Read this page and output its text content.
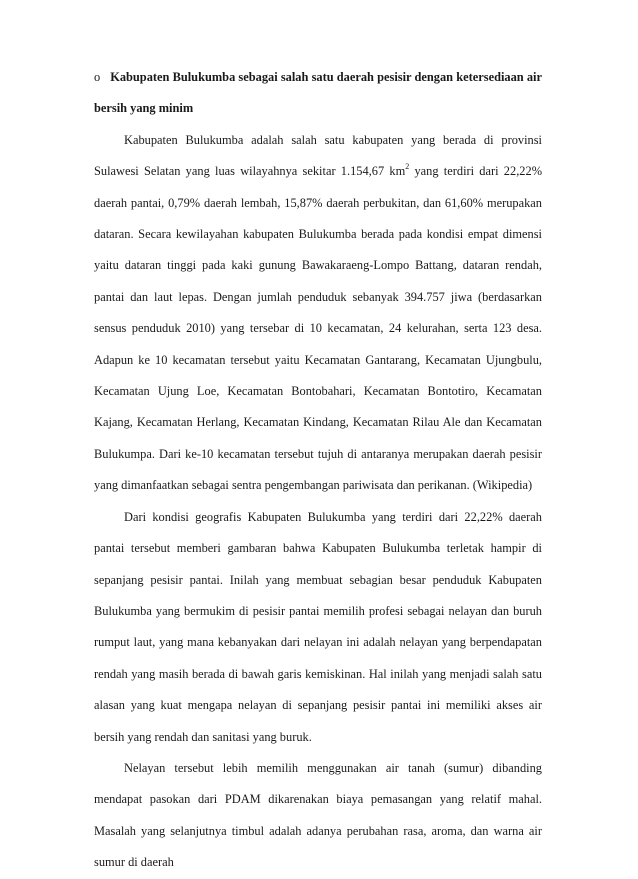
o Kabupaten Bulukumba sebagai salah satu daerah pesisir dengan ketersediaan air bersih yang minim

Kabupaten Bulukumba adalah salah satu kabupaten yang berada di provinsi Sulawesi Selatan yang luas wilayahnya sekitar 1.154,67 $km^2$ yang terdiri dari 22,22% daerah pantai, 0,79% daerah lembah, 15,87% daerah perbukitan, dan 61,60% merupakan dataran. Secara kewilayahan kabupaten Bulukumba berada pada kondisi empat dimensi yaitu dataran tinggi pada kaki gunung Bawakaraeng-Lompo Battang, dataran rendah, pantai dan laut lepas. Dengan jumlah penduduk sebanyak 394.757 jiwa (berdasarkan sensus penduduk 2010) yang tersebar di 10 kecamatan, 24 kelurahan, serta 123 desa. Adapun ke 10 kecamatan tersebut yaitu Kecamatan Gantarang, Kecamatan Ujungbulu, Kecamatan Ujung Loe, Kecamatan Bontobahari, Kecamatan Bontotiro, Kecamatan Kajang, Kecamatan Herlang, Kecamatan Kindang, Kecamatan Rilau Ale dan Kecamatan Bulukumpa. Dari ke-10 kecamatan tersebut tujuh di antaranya merupakan daerah pesisir yang dimanfaatkan sebagai sentra pengembangan pariwisata dan perikanan. (Wikipedia)

Dari kondisi geografis Kabupaten Bulukumba yang terdiri dari 22,22% daerah pantai tersebut memberi gambaran bahwa Kabupaten Bulukumba terletak hampir di sepanjang pesisir pantai. Inilah yang membuat sebagian besar penduduk Kabupaten Bulukumba yang bermukim di pesisir pantai memilih profesi sebagai nelayan dan buruh rumput laut, yang mana kebanyakan dari nelayan ini adalah nelayan yang berpendapatan rendah yang masih berada di bawah garis kemiskinan. Hal inilah yang menjadi salah satu alasan yang kuat mengapa nelayan di sepanjang pesisir pantai ini memiliki akses air bersih yang rendah dan sanitasi yang buruk.

Nelayan tersebut lebih memilih menggunakan air tanah (sumur) dibanding mendapat pasokan dari PDAM dikarenakan biaya pemasangan yang relatif mahal. Masalah yang selanjutnya timbul adalah adanya perubahan rasa, aroma, dan warna air sumur di daerah
